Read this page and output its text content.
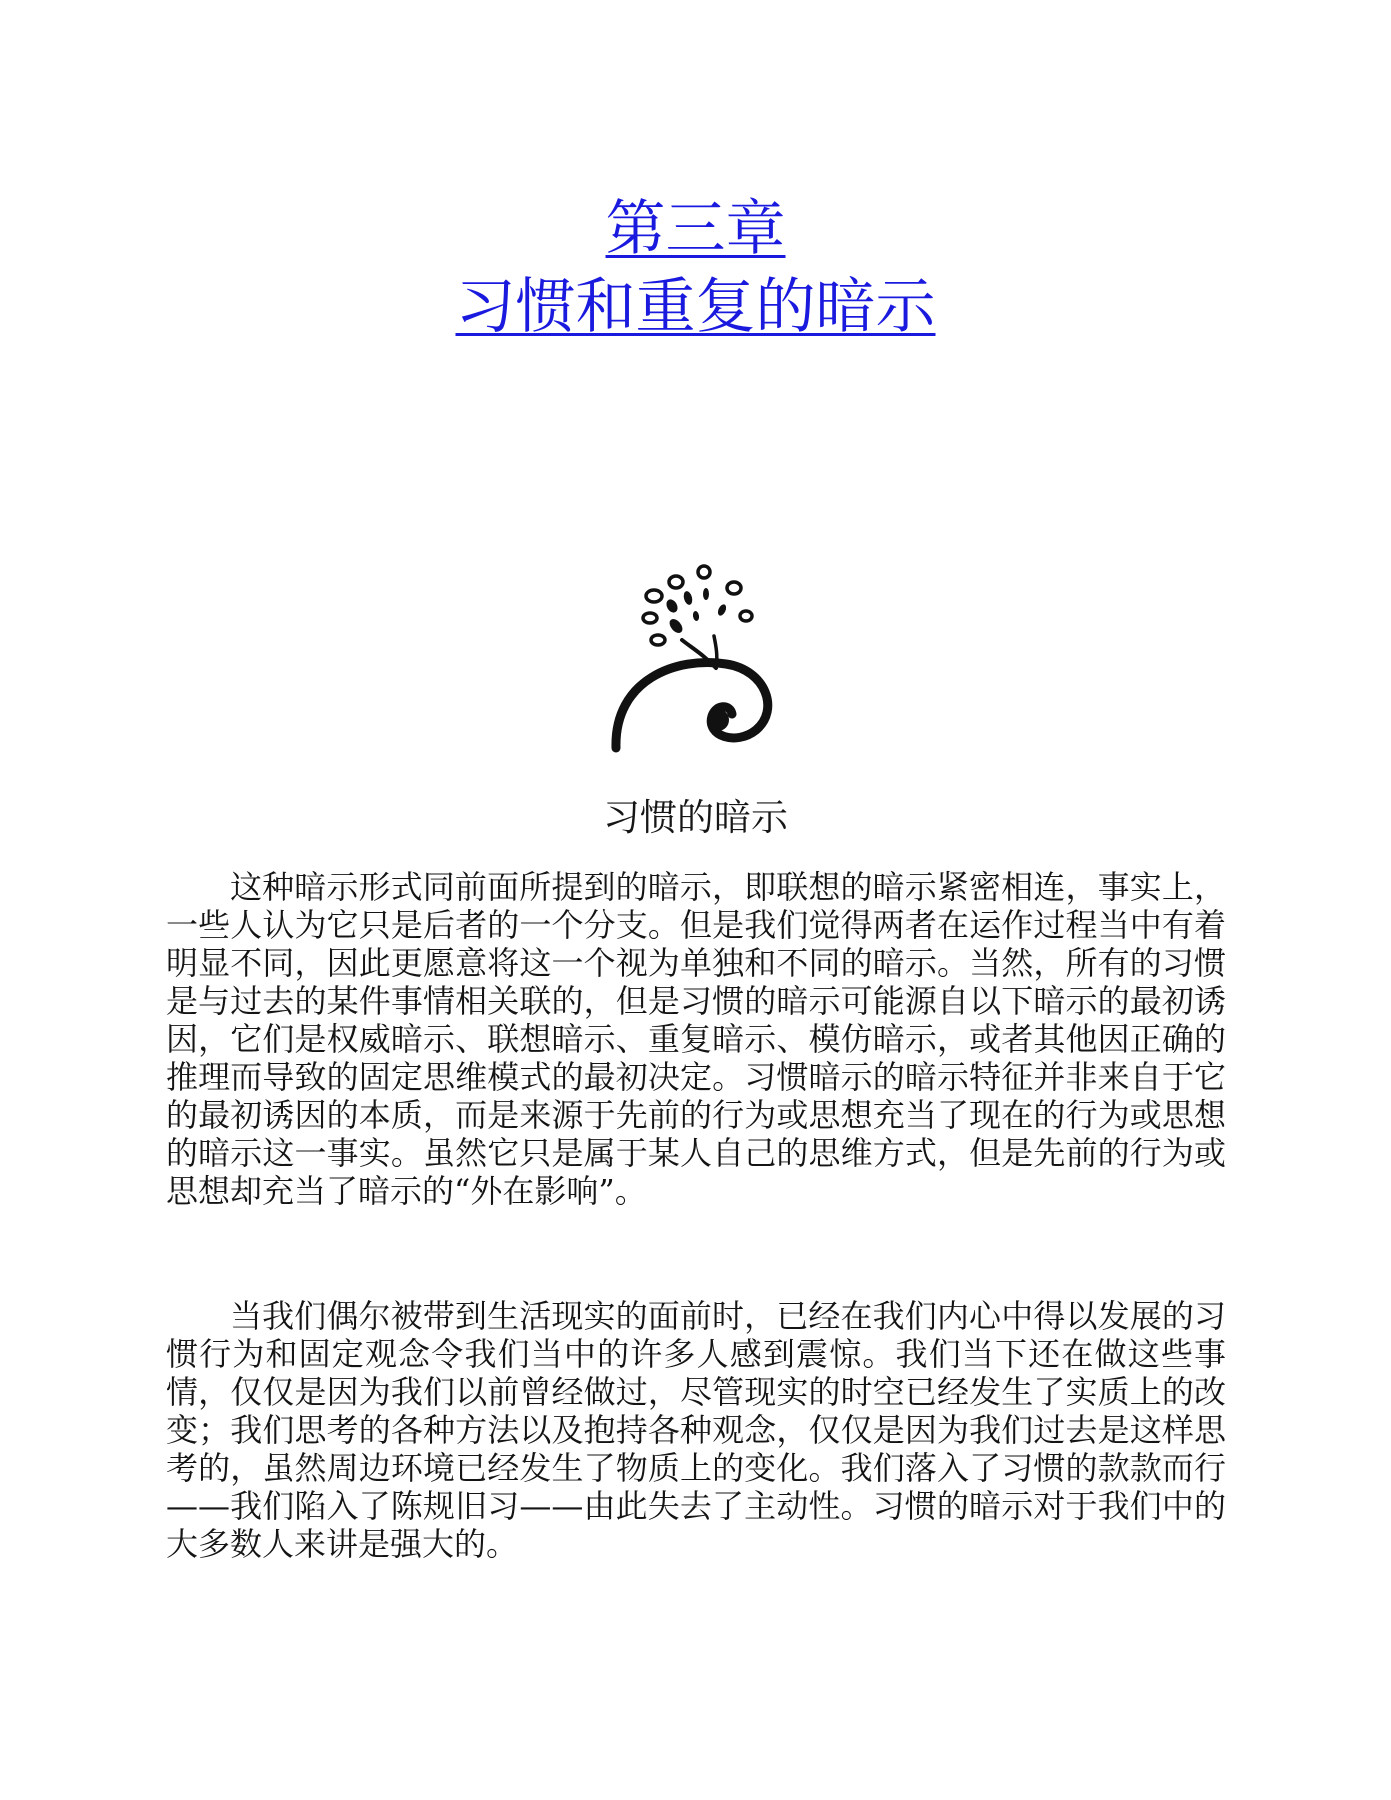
第三章
习惯和重复的暗示
习惯的暗示

这种暗示形式同前面所提到的暗示，即联想的暗示紧密相连，事实上，一些人认为它只是后者的一个分支。但是我们觉得两者在运作过程当中有着明显不同，因此更愿意将这一个视为单独和不同的暗示。当然，所有的习惯是与过去的某件事情相关联的，但是习惯的暗示可能源自以下暗示的最初诱因，它们是权威暗示、联想暗示、重复暗示、模仿暗示，或者其他因正确的推理而导致的固定思维模式的最初决定。习惯暗示的暗示特征并非来自于它的最初诱因的本质，而是来源于先前的行为或思想充当了现在的行为或思想的暗示这一事实。虽然它只是属于某人自己的思维方式，但是先前的行为或思想却充当了暗示的“外在影响”。

当我们偶尔被带到生活现实的面前时，已经在我们内心中得以发展的习惯行为和固定观念令我们当中的许多人感到震惊。我们当下还在做这些事情，仅仅是因为我们以前曾经做过，尽管现实的时空已经发生了实质上的改变；我们思考的各种方法以及抱持各种观念，仅仅是因为我们过去是这样思考的，虽然周边环境已经发生了物质上的变化。我们落入了习惯的款款而行——我们陷入了陈规旧习——由此失去了主动性。习惯的暗示对于我们中的大多数人来讲是强大的。
